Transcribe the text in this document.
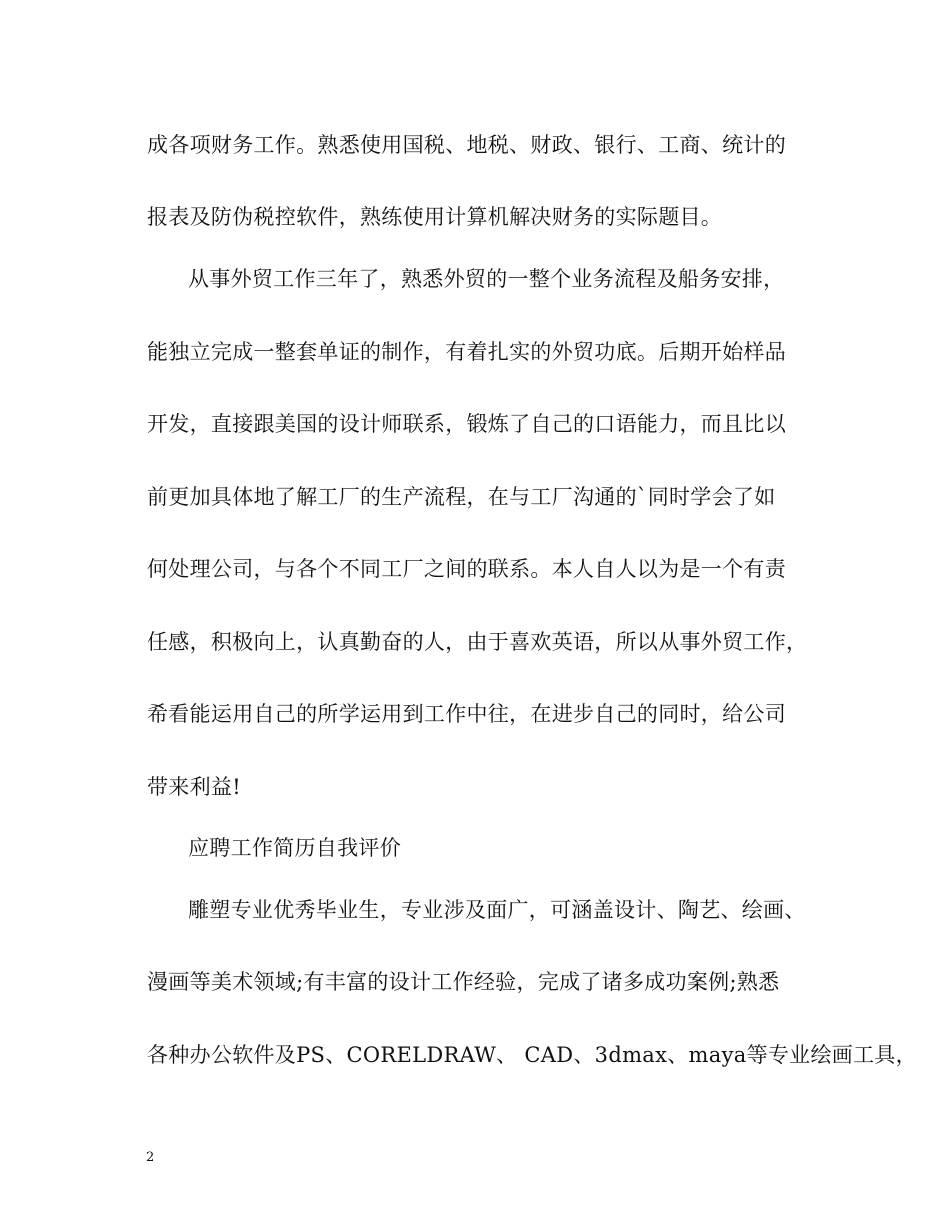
成各项财务工作。熟悉使用国税、地税、财政、银行、工商、统计的
报表及防伪税控软件，熟练使用计算机解决财务的实际题目。
从事外贸工作三年了，熟悉外贸的一整个业务流程及船务安排，
能独立完成一整套单证的制作，有着扎实的外贸功底。后期开始样品
开发，直接跟美国的设计师联系，锻炼了自己的口语能力，而且比以
前更加具体地了解工厂的生产流程，在与工厂沟通的`同时学会了如
何处理公司，与各个不同工厂之间的联系。本人自人以为是一个有责
任感，积极向上，认真勤奋的人，由于喜欢英语，所以从事外贸工作，
希看能运用自己的所学运用到工作中往，在进步自己的同时，给公司
带来利益!
应聘工作简历自我评价
雕塑专业优秀毕业生，专业涉及面广，可涵盖设计、陶艺、绘画、
漫画等美术领域;有丰富的设计工作经验，完成了诸多成功案例;熟悉
各种办公软件及PS、CORELDRAW、 CAD、3dmax、maya等专业绘画工具，
2
